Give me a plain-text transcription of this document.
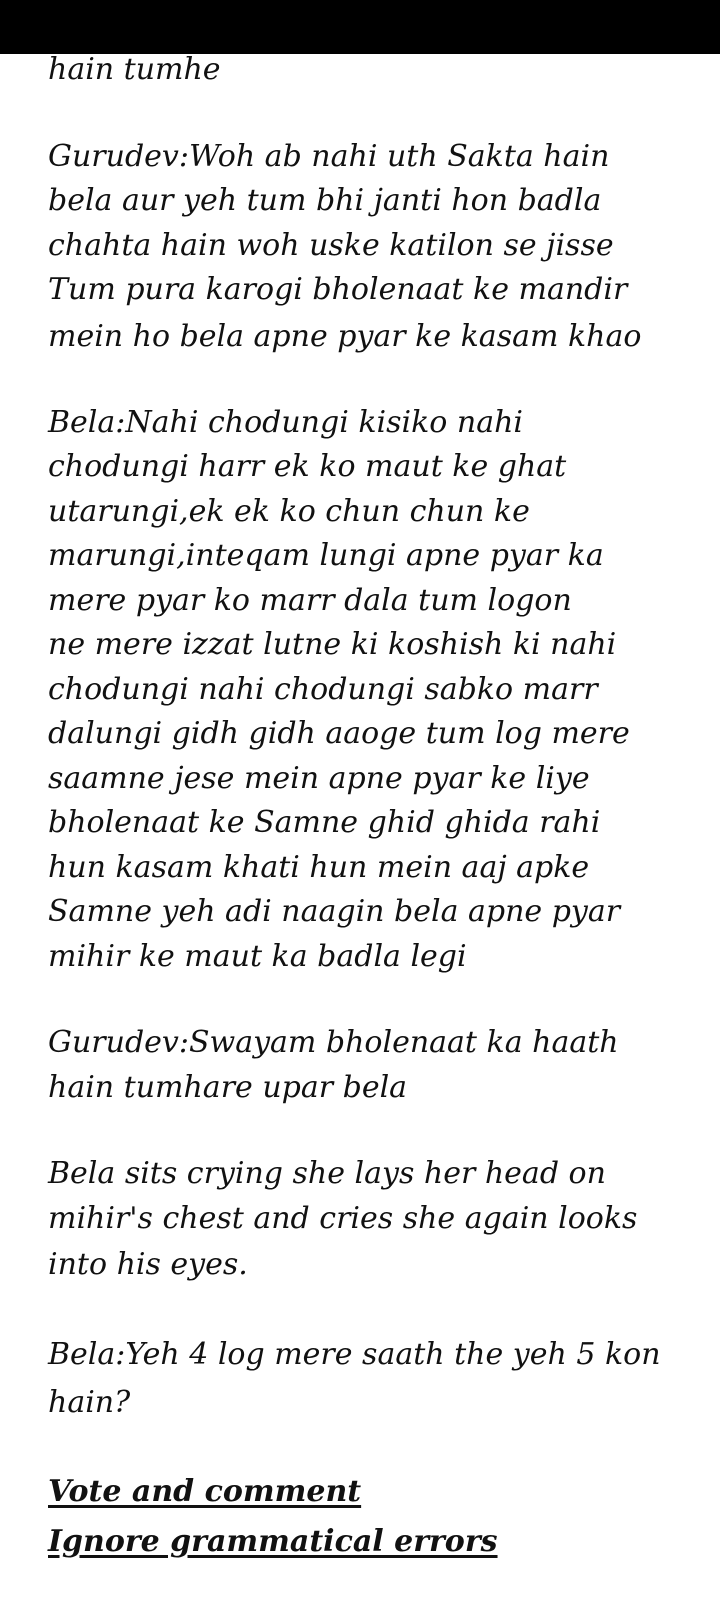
hain tumhe
Gurudev:Woh ab nahi uth Sakta hain
bela aur yeh tum bhi janti hon badla
chahta hain woh uske katilon se jisse
Tum pura karogi bholenaat ke mandir
mein ho bela apne pyar ke kasam khao
Bela:Nahi chodungi kisiko nahi
chodungi harr ek ko maut ke ghat
utarungi,ek ek ko chun chun ke
marungi,inteqam lungi apne pyar ka
mere pyar ko marr dala tum logon
ne mere izzat lutne ki koshish ki nahi
chodungi nahi chodungi sabko marr
dalungi gidh gidh aaoge tum log mere
saamne jese mein apne pyar ke liye
bholenaat ke Samne ghid ghida rahi
hun kasam khati hun mein aaj apke
Samne yeh adi naagin bela apne pyar
mihir ke maut ka badla legi
Gurudev:Swayam bholenaat ka haath
hain tumhare upar bela
Bela sits crying she lays her head on
mihir's chest and cries she again looks
into his eyes.
Bela:Yeh 4 log mere saath the yeh 5 kon
hain?
Vote and comment
Ignore grammatical errors
